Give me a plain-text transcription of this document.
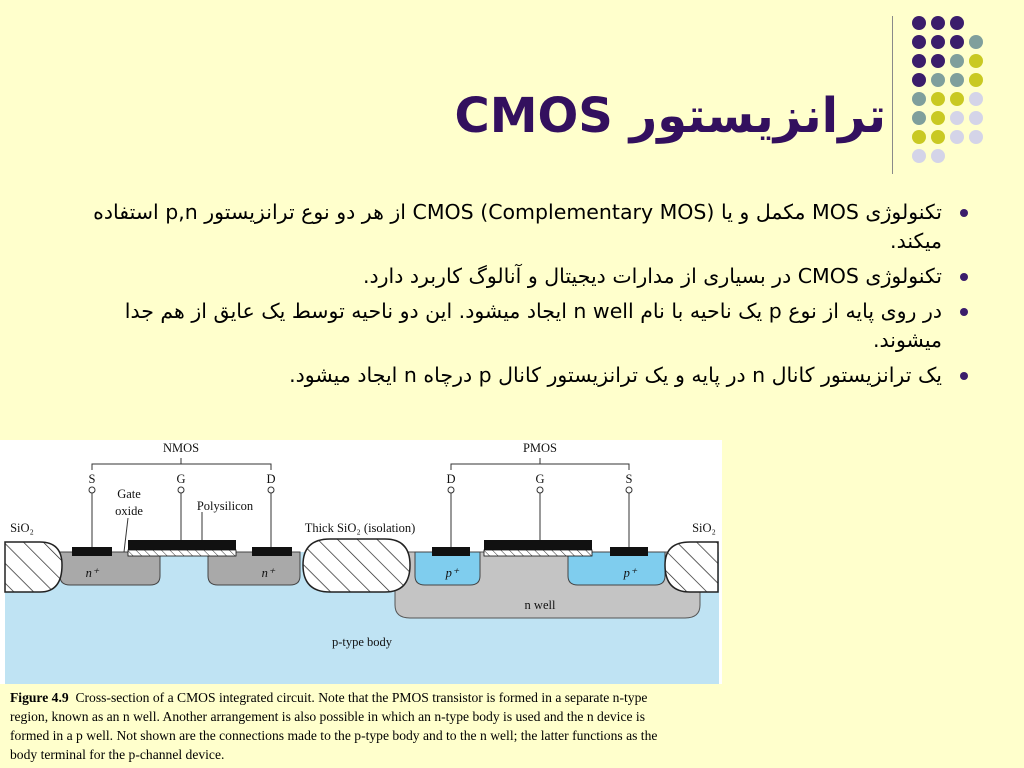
ترانزیستور CMOS
تکنولوژی MOS مکمل و یا CMOS (Complementary MOS) از هر دو نوع ترانزیستور p,n استفاده میکند.
تکنولوژی CMOS در بسیاری از مدارات دیجیتال و آنالوگ کاربرد دارد.
در روی پایه از نوع p یک ناحیه با نام n well ایجاد میشود. این دو ناحیه توسط یک عایق از هم جدا میشوند.
یک ترانزیستور کانال n در پایه و یک ترانزیستور کانال p درچاه n ایجاد میشود.
NMOS	PMOS
S	G	D	D	G	S
Gate
oxide	Polysilicon
Thick SiO₂ (isolation)
SiO₂	SiO₂
n⁺	n⁺	p⁺	p⁺
n well
p-type body
Figure 4.9 Cross-section of a CMOS integrated circuit. Note that the PMOS transistor is formed in a separate n-type
region, known as an n well. Another arrangement is also possible in which an n-type body is used and the n device is
formed in a p well. Not shown are the connections made to the p-type body and to the n well; the latter functions as the
body terminal for the p-channel device.
